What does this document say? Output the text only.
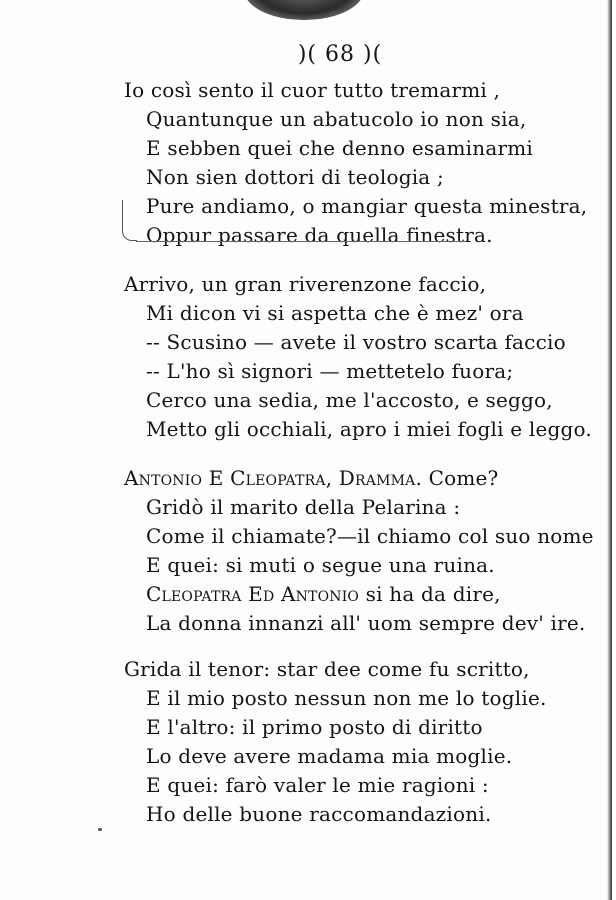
)( 68 )(
Io così sento il cuor tutto tremarmi ,
Quantunque un abatucolo io non sia,
E sebben quei che denno esaminarmi
Non sien dottori di teologia ;
Pure andiamo, o mangiar questa minestra,
Oppur passare da quella finestra.
Arrivo, un gran riverenzone faccio,
Mi dicon vi si aspetta che è mez' ora
-- Scusino — avete il vostro scarta faccio
-- L'ho sì signori — mettetelo fuora;
Cerco una sedia, me l'accosto, e seggo,
Metto gli occhiali, apro i miei fogli e leggo.
Antonio E Cleopatra, Dramma. Come?
Gridò il marito della Pelarina :
Come il chiamate?—il chiamo col suo nome
E quei: si muti o segue una ruina.
Cleopatra Ed Antonio si ha da dire,
La donna innanzi all' uom sempre dev' ire.
Grida il tenor: star dee come fu scritto,
E il mio posto nessun non me lo toglie.
E l'altro: il primo posto di diritto
Lo deve avere madama mia moglie.
E quei: farò valer le mie ragioni :
Ho delle buone raccomandazioni.
